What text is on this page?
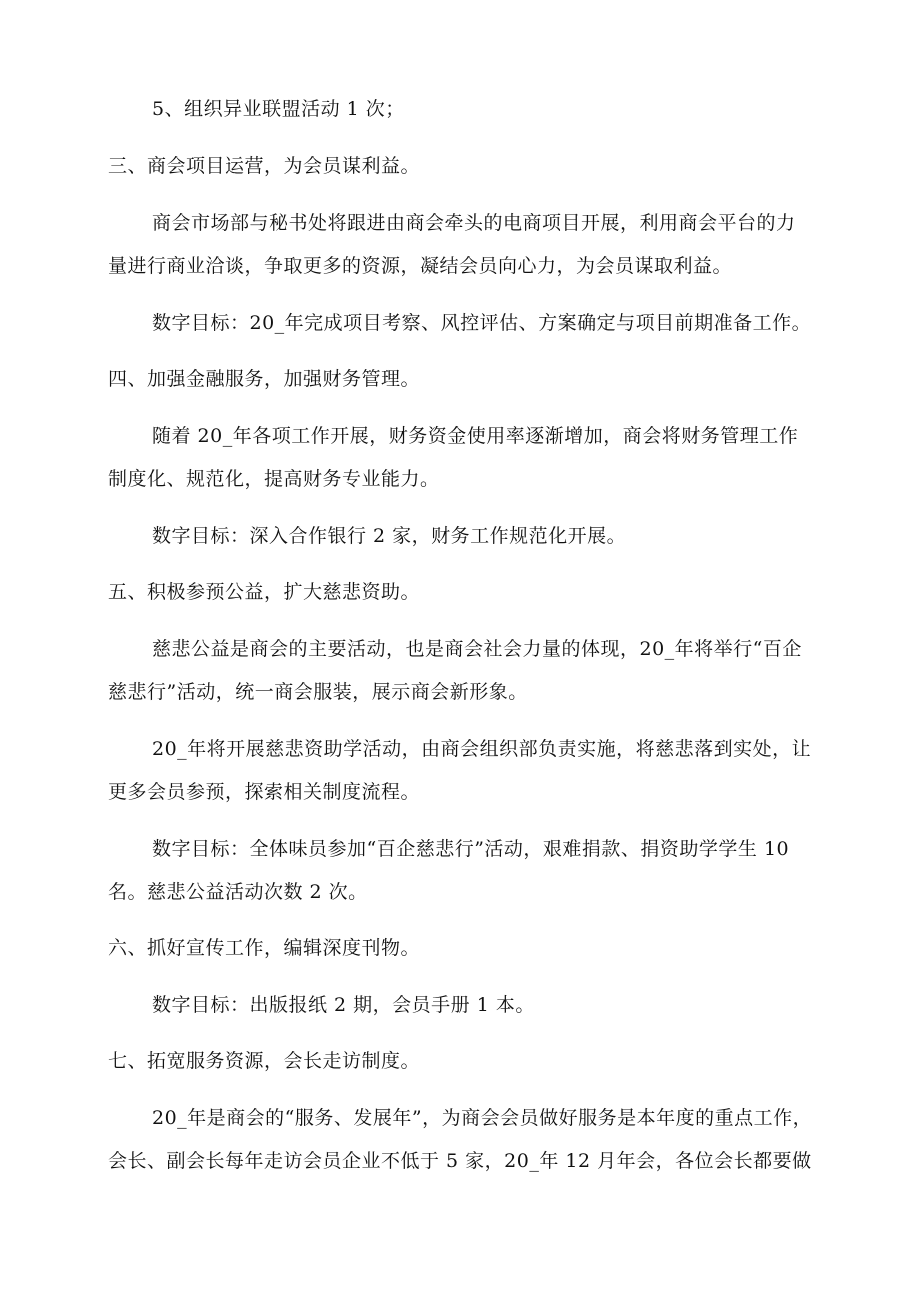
5、组织异业联盟活动 1 次；
三、商会项目运营，为会员谋利益。
商会市场部与秘书处将跟进由商会牵头的电商项目开展，利用商会平台的力
量进行商业洽谈，争取更多的资源，凝结会员向心力，为会员谋取利益。
数字目标：20_年完成项目考察、风控评估、方案确定与项目前期准备工作。
四、加强金融服务，加强财务管理。
随着 20_年各项工作开展，财务资金使用率逐渐增加，商会将财务管理工作
制度化、规范化，提高财务专业能力。
数字目标：深入合作银行 2 家，财务工作规范化开展。
五、积极参预公益，扩大慈悲资助。
慈悲公益是商会的主要活动，也是商会社会力量的体现，20_年将举行“百企
慈悲行”活动，统一商会服装，展示商会新形象。
20_年将开展慈悲资助学活动，由商会组织部负责实施，将慈悲落到实处，让
更多会员参预，探索相关制度流程。
数字目标：全体味员参加“百企慈悲行”活动，艰难捐款、捐资助学学生 10
名。慈悲公益活动次数 2 次。
六、抓好宣传工作，编辑深度刊物。
数字目标：出版报纸 2 期，会员手册 1 本。
七、拓宽服务资源，会长走访制度。
20_年是商会的“服务、发展年”，为商会会员做好服务是本年度的重点工作，
会长、副会长每年走访会员企业不低于 5 家，20_年 12 月年会，各位会长都要做
